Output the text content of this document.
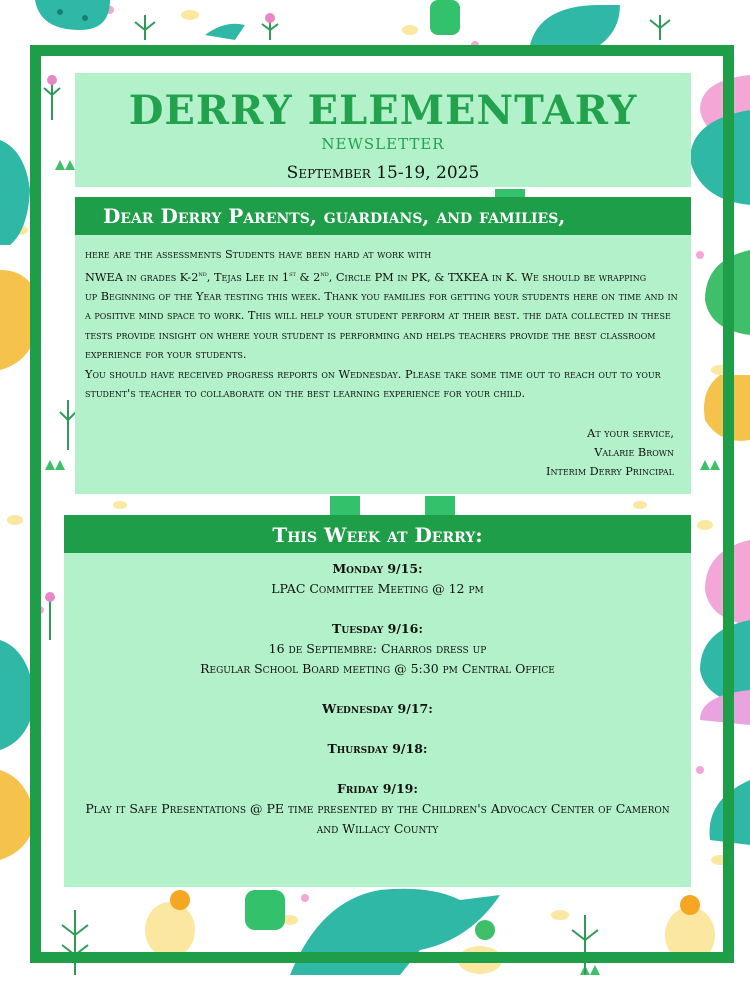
DERRY ELEMENTARY
NEWSLETTER
September 15-19, 2025
Dear Derry Parents, guardians, and families,

here are the assessments Students have been hard at work with

NWEA in grades K-2nd, Tejas Lee in 1st & 2nd, Circle PM in PK, & TXKEA in K. We should be wrapping

up Beginning of the Year testing this week. Thank you families for getting your students here on time and in a positive mind space to work. This will help your student perform at their best. the data collected in these tests provide insight on where your student is performing and helps teachers provide the best classroom experience for your students.

You should have received progress reports on Wednesday. Please take some time out to reach out to your student's teacher to collaborate on the best learning experience for your child.

At your service,
Valarie Brown
Interim Derry Principal
This Week at Derry:
Monday 9/15:
LPAC Committee Meeting @ 12 pm
Tuesday 9/16:
16 de Septiembre: Charros dress up
Regular School Board meeting @ 5:30 pm Central Office
Wednesday 9/17:
Thursday 9/18:
Friday 9/19:
Play it Safe Presentations @ PE time presented by the Children's Advocacy Center of Cameron and Willacy County
